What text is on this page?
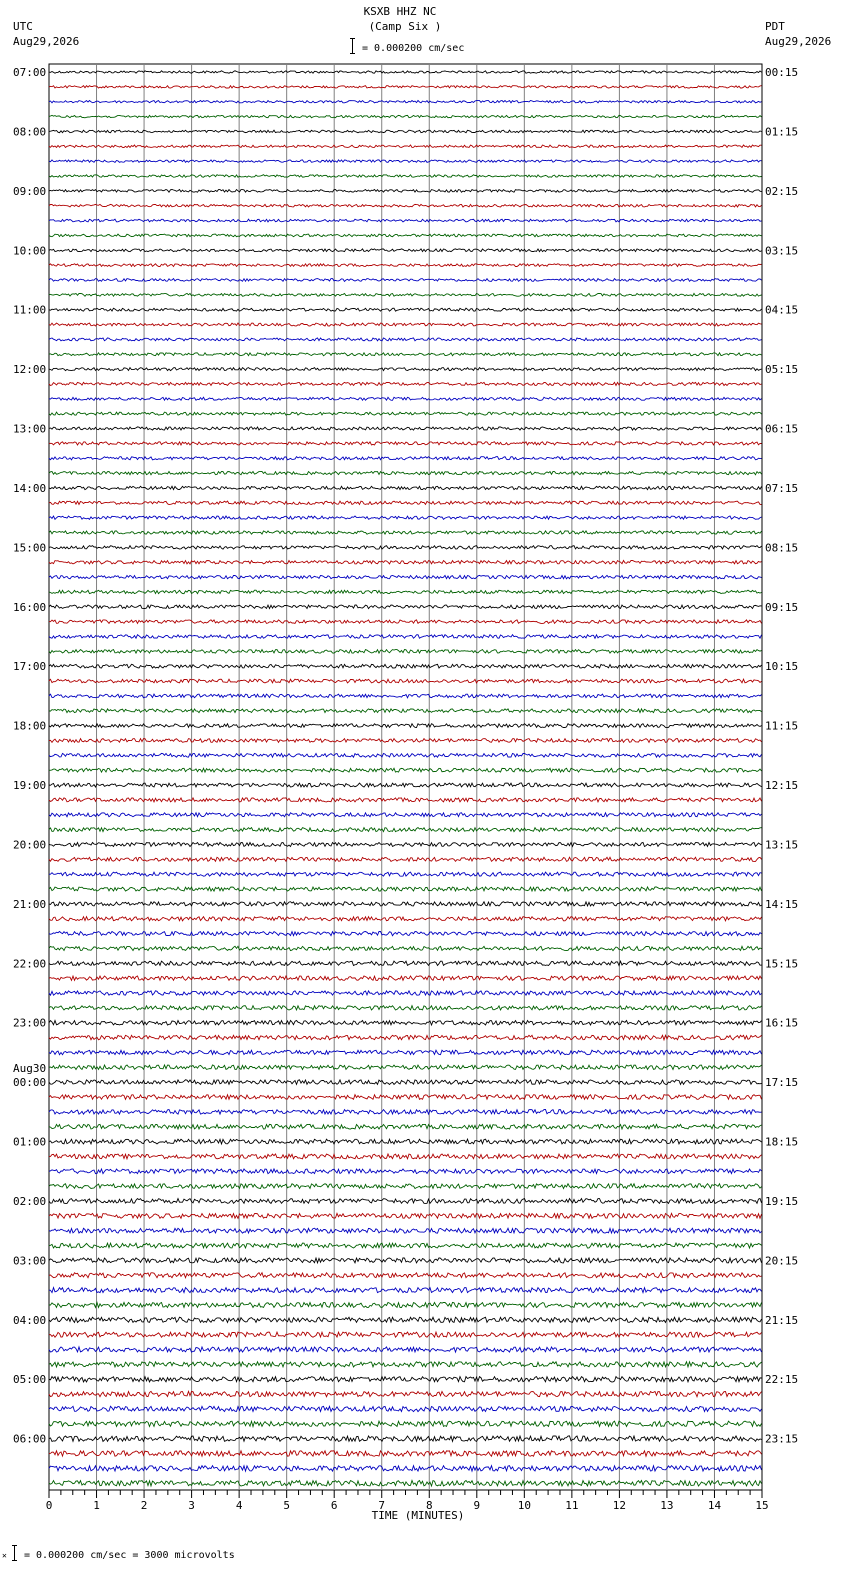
UTC
Aug29,2026
PDT
Aug29,2026
KSXB HHZ NC
(Camp Six )
= 0.000200 cm/sec
07:00
08:00
09:00
10:00
11:00
12:00
13:00
14:00
15:00
16:00
17:00
18:00
19:00
20:00
21:00
22:00
23:00
00:00
01:00
02:00
03:00
04:00
05:00
06:00
00:15
01:15
02:15
03:15
04:15
05:15
06:15
07:15
08:15
09:15
10:15
11:15
12:15
13:15
14:15
15:15
16:15
17:15
18:15
19:15
20:15
21:15
22:15
23:15
Aug30
0	1	2	3	4	5	6	7	8	9	10	11	12	13	14	15
TIME (MINUTES)
✕ = 0.000200 cm/sec = 3000 microvolts
